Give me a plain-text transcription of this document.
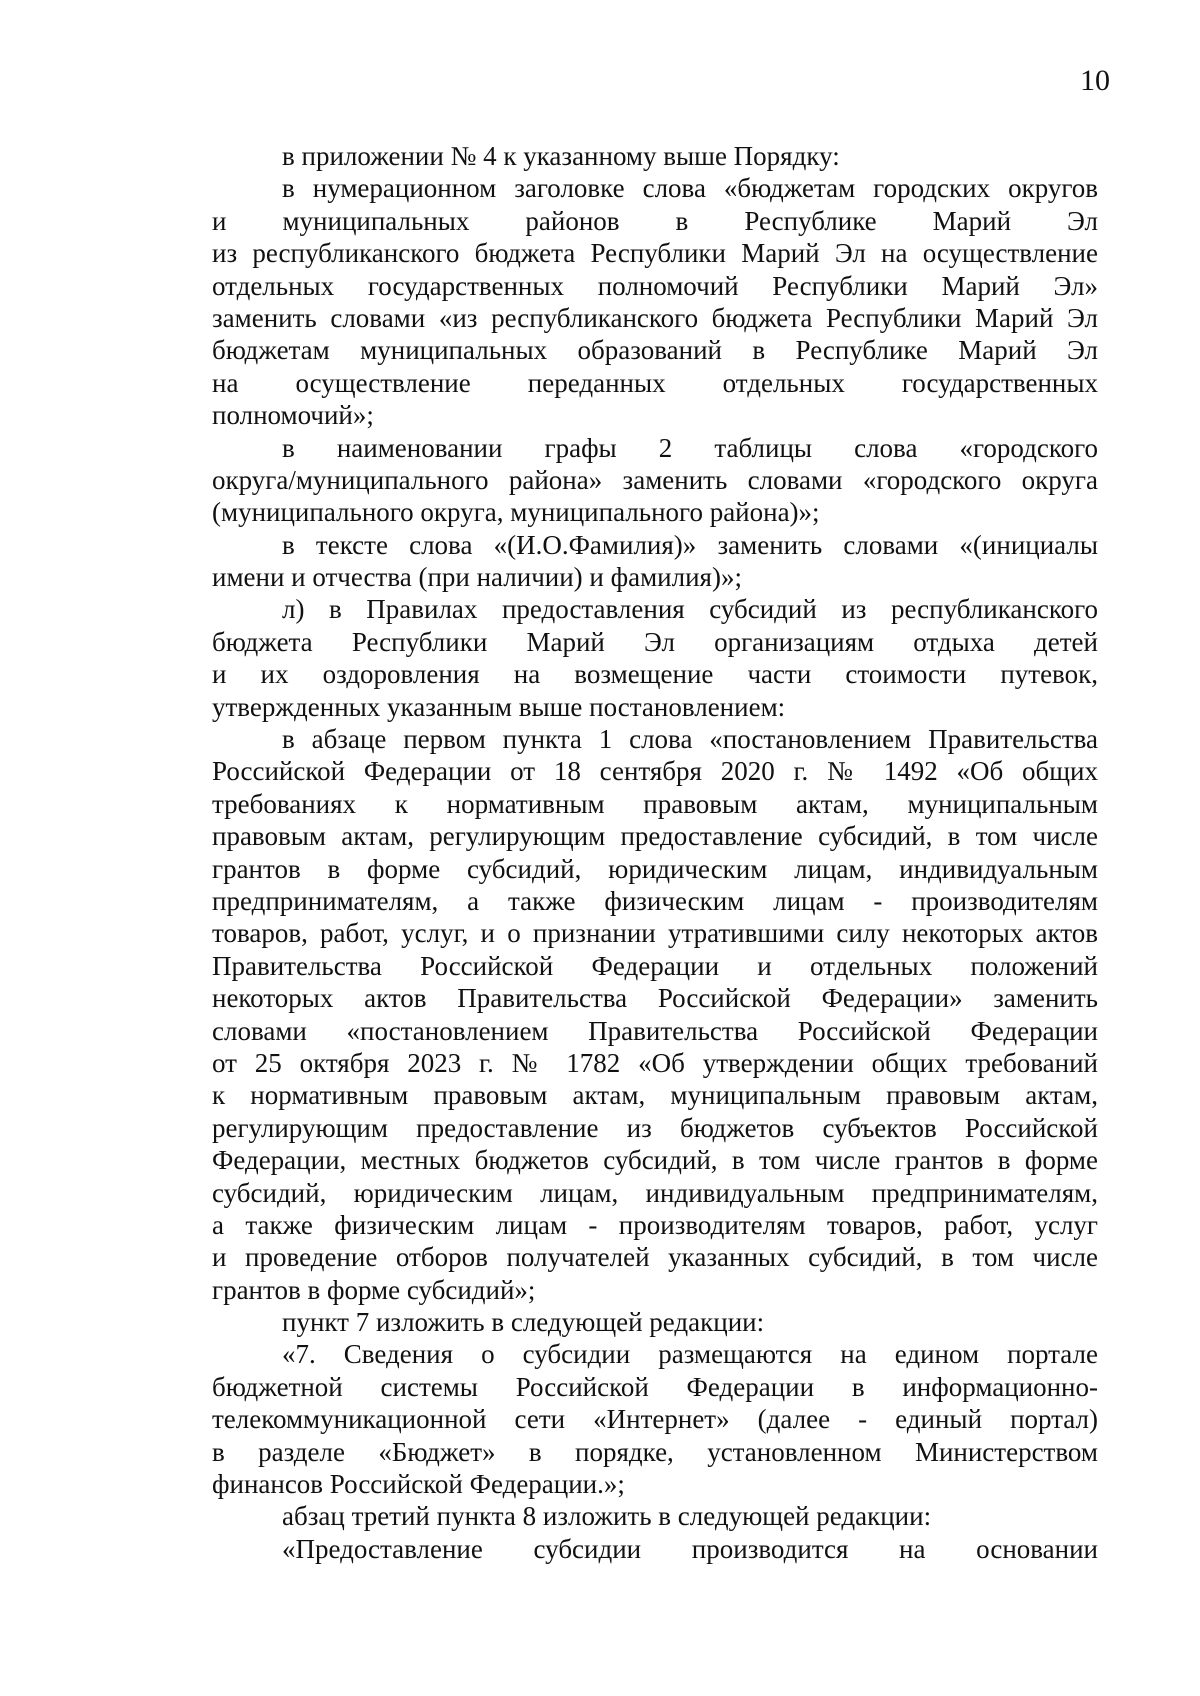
10
в приложении № 4 к указанному выше Порядку:
в нумерационном заголовке слова «бюджетам городских округов
и муниципальных районов в Республике Марий Эл
из республиканского бюджета Республики Марий Эл на осуществление
отдельных государственных полномочий Республики Марий Эл»
заменить словами «из республиканского бюджета Республики Марий Эл
бюджетам муниципальных образований в Республике Марий Эл
на осуществление переданных отдельных государственных
полномочий»;
в наименовании графы 2 таблицы слова «городского
округа/муниципального района» заменить словами «городского округа
(муниципального округа, муниципального района)»;
в тексте слова «(И.О.Фамилия)» заменить словами «(инициалы
имени и отчества (при наличии) и фамилия)»;
л) в Правилах предоставления субсидий из республиканского
бюджета Республики Марий Эл организациям отдыха детей
и их оздоровления на возмещение части стоимости путевок,
утвержденных указанным выше постановлением:
в абзаце первом пункта 1 слова «постановлением Правительства
Российской Федерации от 18 сентября 2020 г. № 1492 «Об общих
требованиях к нормативным правовым актам, муниципальным
правовым актам, регулирующим предоставление субсидий, в том числе
грантов в форме субсидий, юридическим лицам, индивидуальным
предпринимателям, а также физическим лицам - производителям
товаров, работ, услуг, и о признании утратившими силу некоторых актов
Правительства Российской Федерации и отдельных положений
некоторых актов Правительства Российской Федерации» заменить
словами «постановлением Правительства Российской Федерации
от 25 октября 2023 г. № 1782 «Об утверждении общих требований
к нормативным правовым актам, муниципальным правовым актам,
регулирующим предоставление из бюджетов субъектов Российской
Федерации, местных бюджетов субсидий, в том числе грантов в форме
субсидий, юридическим лицам, индивидуальным предпринимателям,
а также физическим лицам - производителям товаров, работ, услуг
и проведение отборов получателей указанных субсидий, в том числе
грантов в форме субсидий»;
пункт 7 изложить в следующей редакции:
«7. Сведения о субсидии размещаются на едином портале
бюджетной системы Российской Федерации в информационно-
телекоммуникационной сети «Интернет» (далее - единый портал)
в разделе «Бюджет» в порядке, установленном Министерством
финансов Российской Федерации.»;
абзац третий пункта 8 изложить в следующей редакции:
«Предоставление субсидии производится на основании
